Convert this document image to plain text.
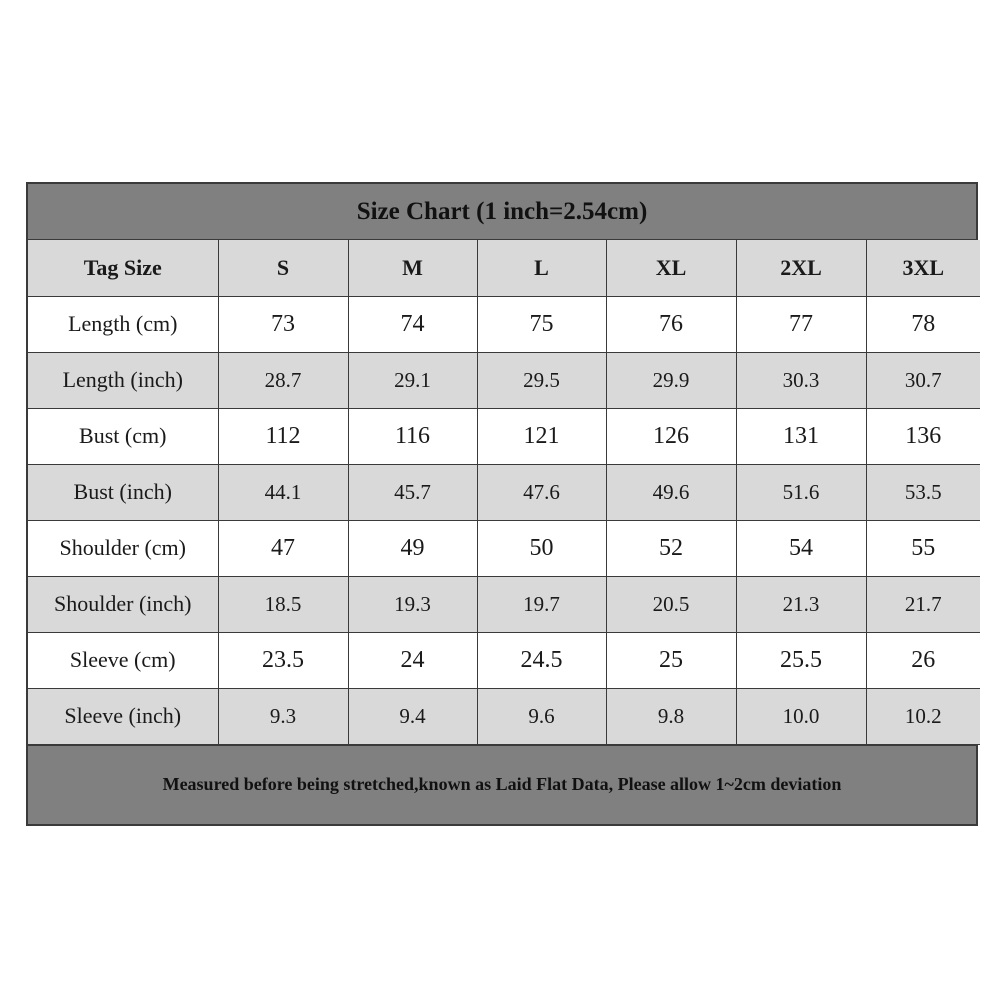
Size Chart (1 inch=2.54cm)
Tag Size	S	M	L	XL	2XL	3XL
Length (cm)	73	74	75	76	77	78
Length (inch)	28.7	29.1	29.5	29.9	30.3	30.7
Bust (cm)	112	116	121	126	131	136
Bust (inch)	44.1	45.7	47.6	49.6	51.6	53.5
Shoulder (cm)	47	49	50	52	54	55
Shoulder (inch)	18.5	19.3	19.7	20.5	21.3	21.7
Sleeve (cm)	23.5	24	24.5	25	25.5	26
Sleeve (inch)	9.3	9.4	9.6	9.8	10.0	10.2
Measured before being stretched,known as Laid Flat Data, Please allow 1~2cm deviation
